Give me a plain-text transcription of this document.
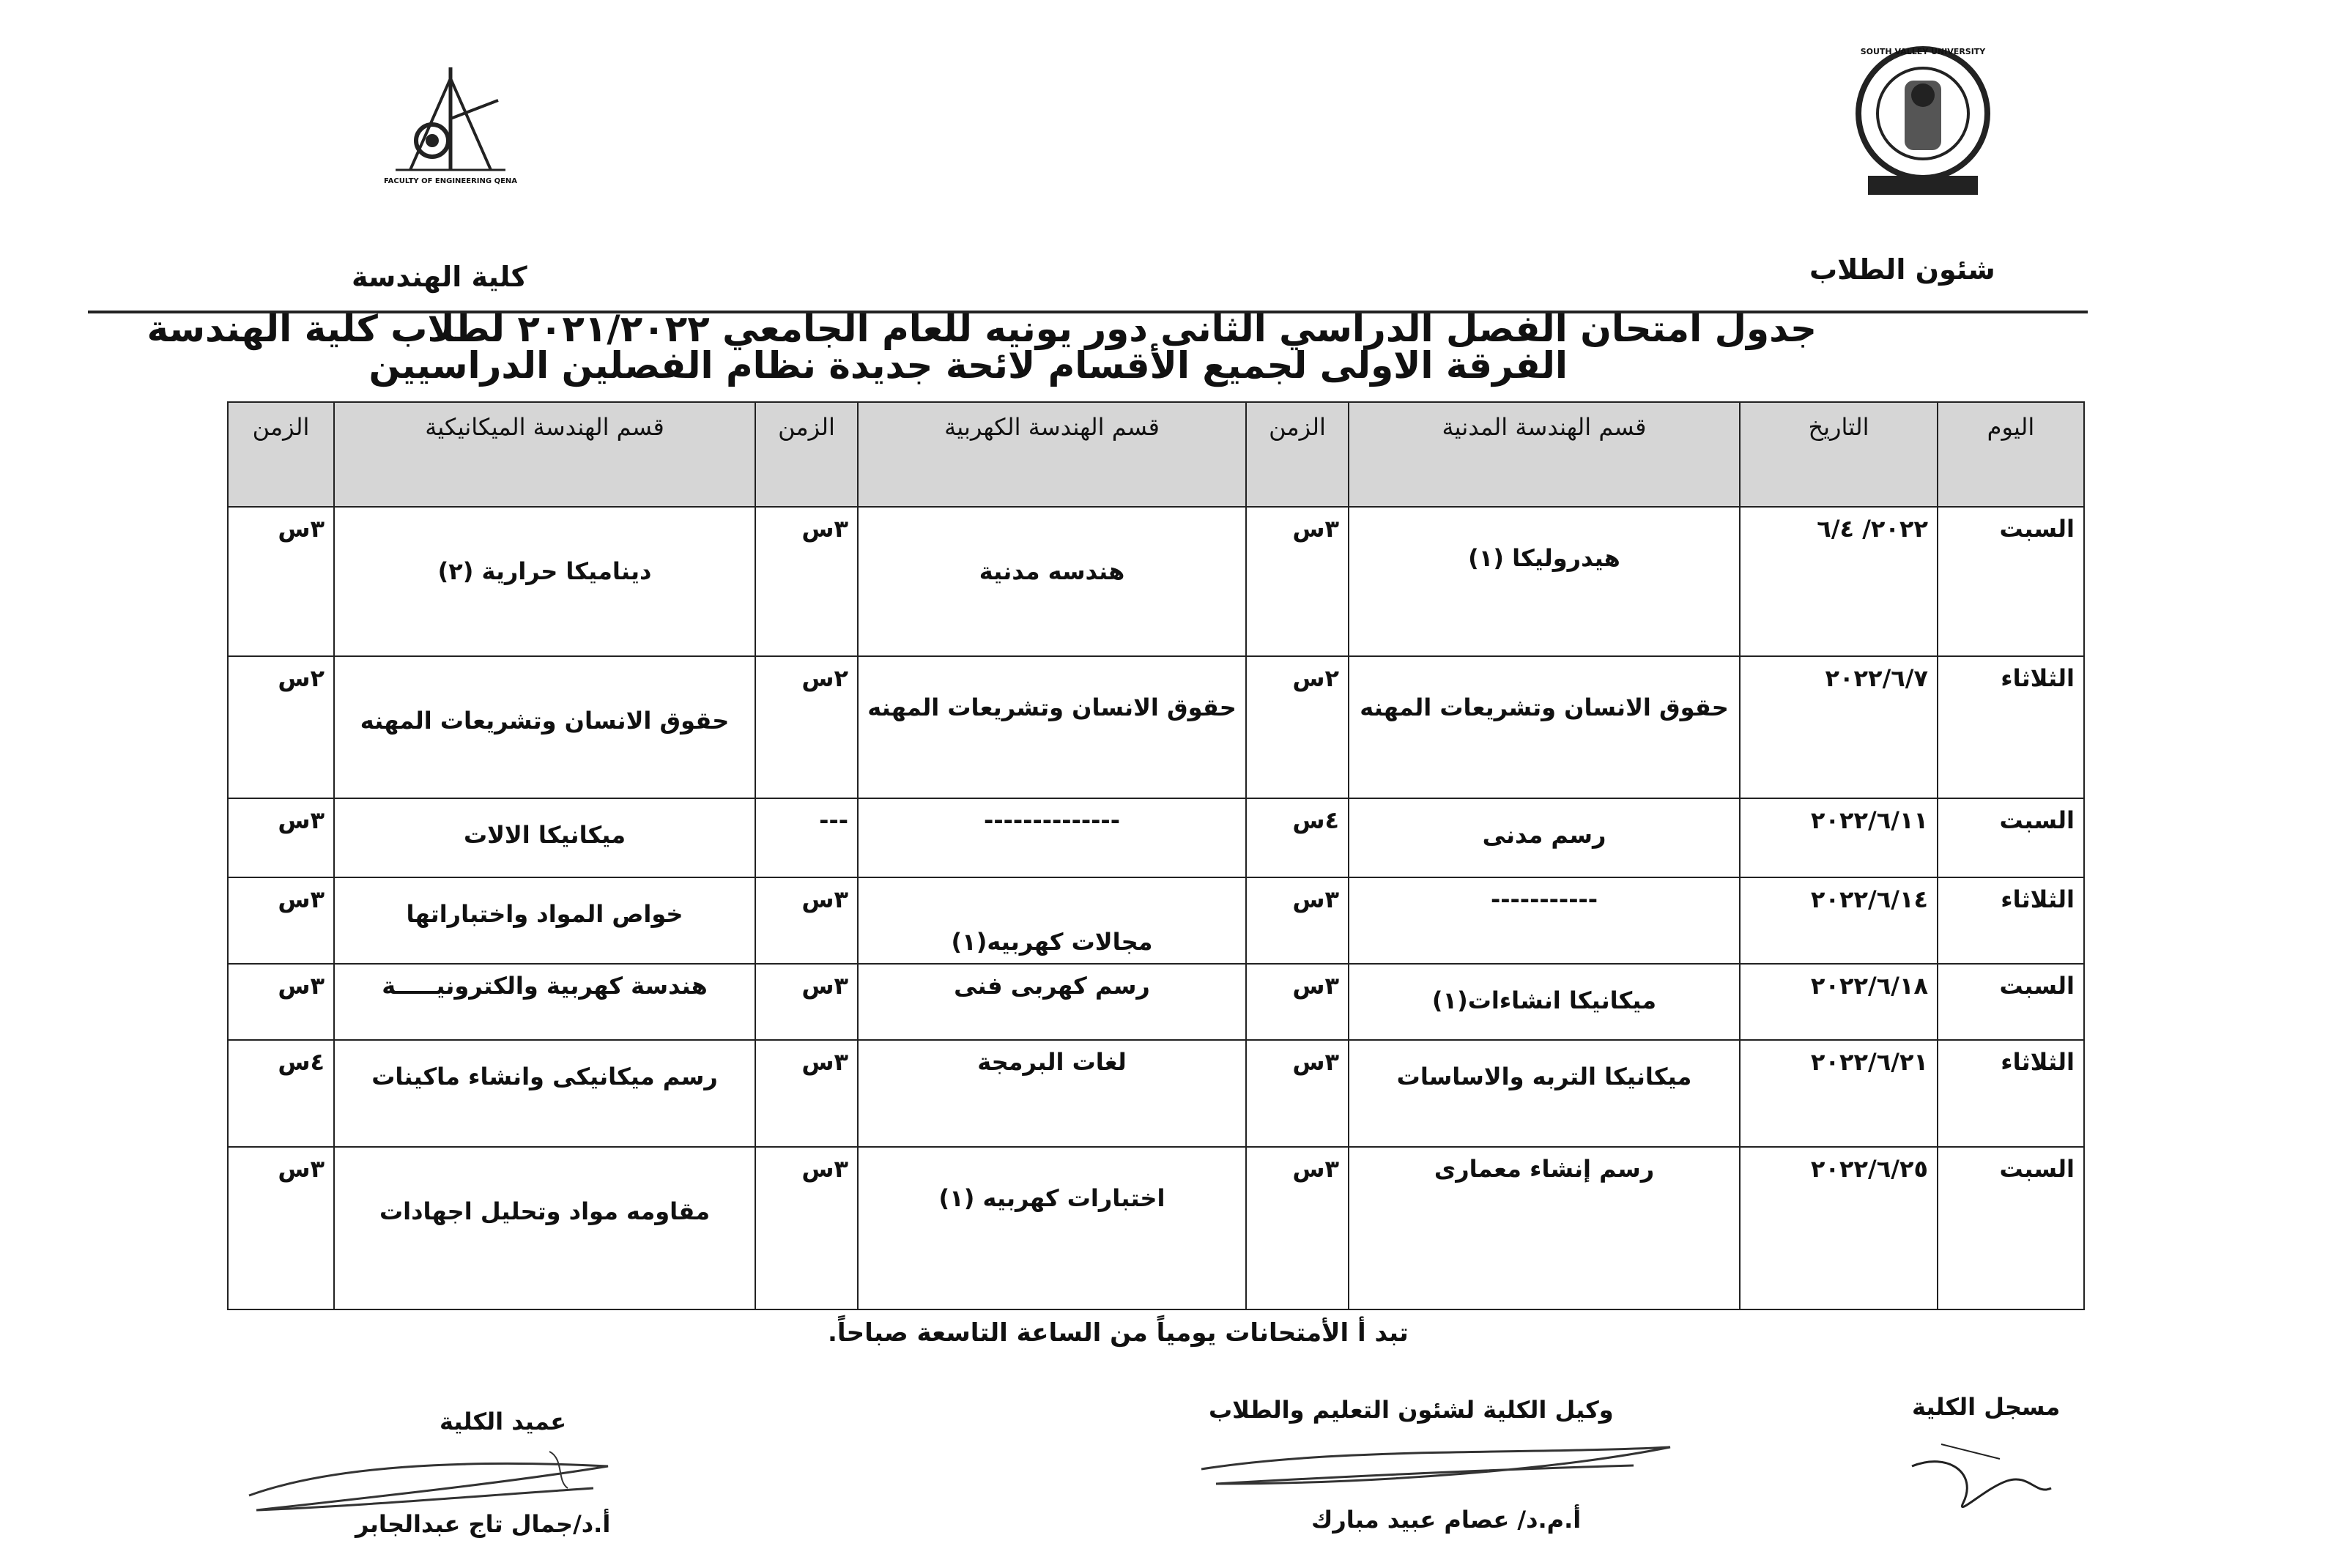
FACULTY OF ENGINEERING QENA
SOUTH VALLEY UNIVERSITY
كلية الهندسة	شئون الطلاب
جدول امتحان الفصل الدراسي الثانى دور يونيه للعام الجامعي ٢٠٢١/٢٠٢٢ لطلاب كلية الهندسة
الفرقة الاولى لجميع الأقسام لائحة جديدة نظام الفصلين الدراسيين
اليوم	التاريخ	قسم الهندسة المدنية	الزمن	قسم الهندسة الكهربية	الزمن	قسم الهندسة الميكانيكية	الزمن
السبت	٢٠٢٢/ ٦/٤	هيدروليكا (١)	٣س	هندسه مدنية	٣س	ديناميكا حرارية (٢)	٣س
الثلاثاء	٢٠٢٢/٦/٧	حقوق الانسان وتشريعات المهنه	٢س	حقوق الانسان وتشريعات المهنه	٢س	حقوق الانسان وتشريعات المهنه	٢س
السبت	٢٠٢٢/٦/١١	رسم مدنى	٤س	--------------	---	ميكانيكا الالات	٣س
الثلاثاء	٢٠٢٢/٦/١٤	-----------	٣س	مجالات كهربيه(١)	٣س	خواص المواد واختباراتها	٣س
السبت	٢٠٢٢/٦/١٨	ميكانيكا انشاءات(١)	٣س	رسم كهربى فنى	٣س	هندسة كهربية والكترونيـــــة	٣س
الثلاثاء	٢٠٢٢/٦/٢١	ميكانيكا التربه والاساسات	٣س	لغات البرمجة	٣س	رسم ميكانيكى وانشاء ماكينات	٤س
السبت	٢٠٢٢/٦/٢٥	رسم إنشاء معمارى	٣س	اختبارات كهربيه (١)	٣س	مقاومه مواد وتحليل اجهادات	٣س
تبد أ الأمتحانات يومياً من الساعة التاسعة صباحاً.
مسجل الكلية
وكيل الكلية لشئون التعليم والطلاب
أ.م.د/ عصام عبيد مبارك
عميد الكلية
أ.د/جمال تاج عبدالجابر
